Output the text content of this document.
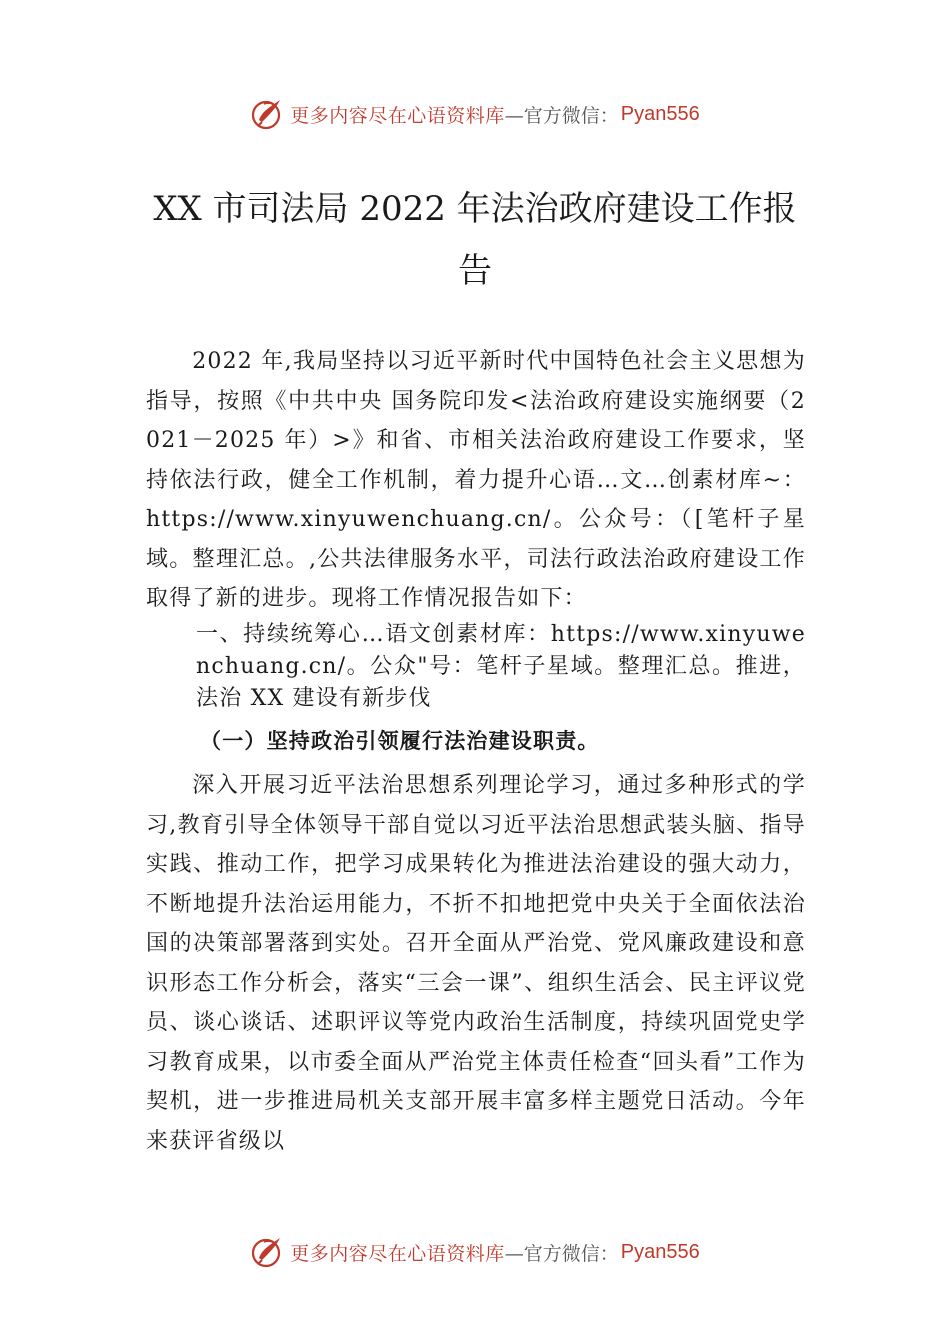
更多内容尽在心语资料库 —官方微信： Pyan556
XX 市司法局 2022 年法治政府建设工作报
告

2022 年,我局坚持以习近平新时代中国特色社会主义思想为指导，按照《中共中央 国务院印发<法治政府建设实施纲要（2021－2025 年）>》和省、市相关法治政府建设工作要求，坚持依法行政，健全工作机制，着力提升心语…文…创素材库~：https://www.xinyuwenchuang.cn/。公众号：（[笔杆子星域。整理汇总。,公共法律服务水平，司法行政法治政府建设工作取得了新的进步。现将工作情况报告如下：

一、持续统筹心…语文创素材库：https://www.xinyuwenchuang.cn/。公众"号：笔杆子星域。整理汇总。推进，法治 XX 建设有新步伐

（一）坚持政治引领履行法治建设职责。

深入开展习近平法治思想系列理论学习，通过多种形式的学习,教育引导全体领导干部自觉以习近平法治思想武装头脑、指导实践、推动工作，把学习成果转化为推进法治建设的强大动力，不断地提升法治运用能力，不折不扣地把党中央关于全面依法治国的决策部署落到实处。召开全面从严治党、党风廉政建设和意识形态工作分析会，落实“三会一课”、组织生活会、民主评议党员、谈心谈话、述职评议等党内政治生活制度，持续巩固党史学习教育成果，以市委全面从严治党主体责任检查“回头看”工作为契机，进一步推进局机关支部开展丰富多样主题党日活动。今年来获评省级以

更多内容尽在心语资料库 —官方微信： Pyan556
